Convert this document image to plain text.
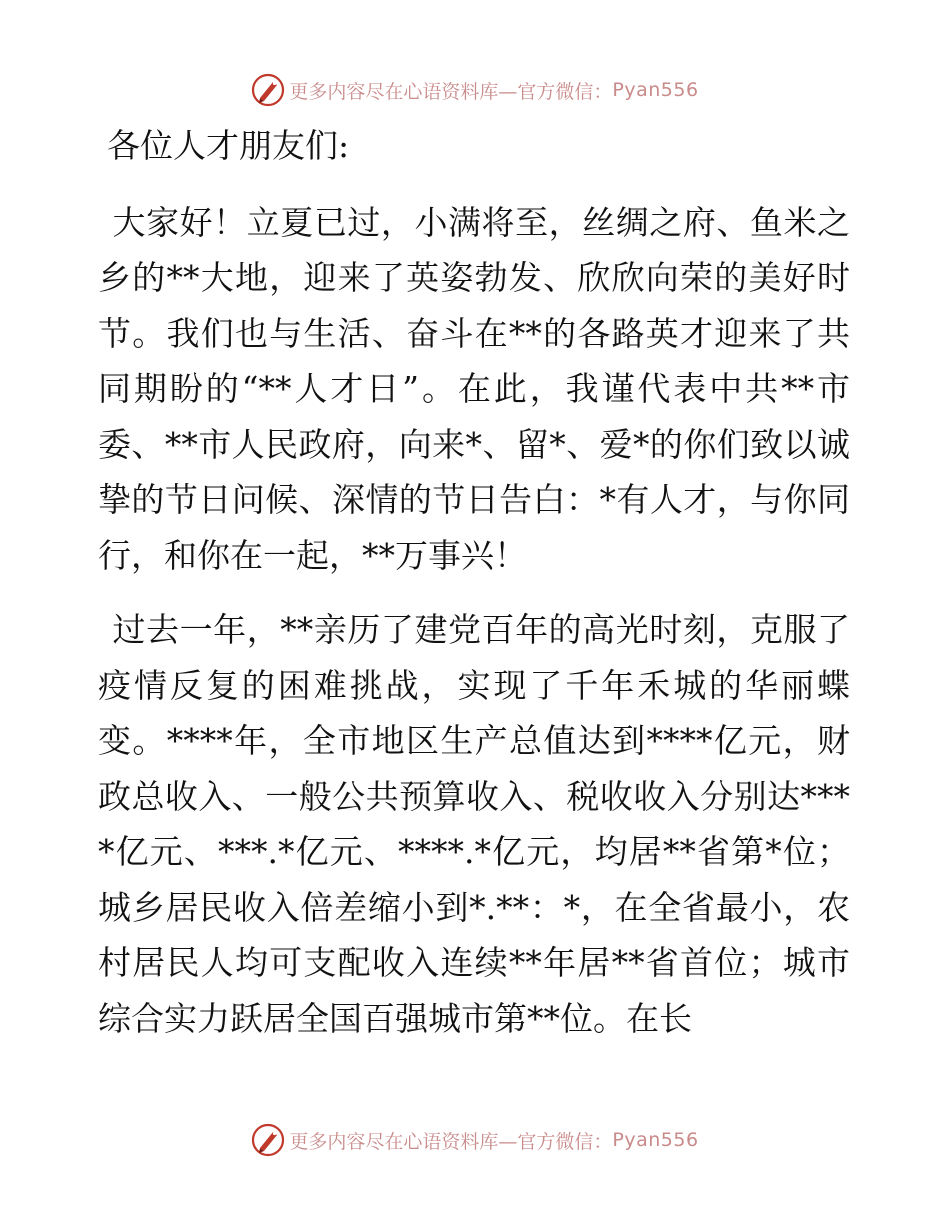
更多内容尽在心语资料库—官方微信： Pyan556

各位人才朋友们:

大家好！立夏已过，小满将至，丝绸之府、鱼米之乡的**大地，迎来了英姿勃发、欣欣向荣的美好时节。我们也与生活、奋斗在**的各路英才迎来了共同期盼的“**人才日”。在此，我谨代表中共**市委、**市人民政府，向来*、留*、爱*的你们致以诚挚的节日问候、深情的节日告白：*有人才，与你同行，和你在一起，**万事兴！

过去一年，**亲历了建党百年的高光时刻，克服了疫情反复的困难挑战，实现了千年禾城的华丽蝶变。****年，全市地区生产总值达到****亿元，财政总收入、一般公共预算收入、税收收入分别达****亿元、***.*亿元、****.*亿元，均居**省第*位；城乡居民收入倍差缩小到*.**：*，在全省最小，农村居民人均可支配收入连续**年居**省首位；城市综合实力跃居全国百强城市第**位。在长

更多内容尽在心语资料库—官方微信： Pyan556
